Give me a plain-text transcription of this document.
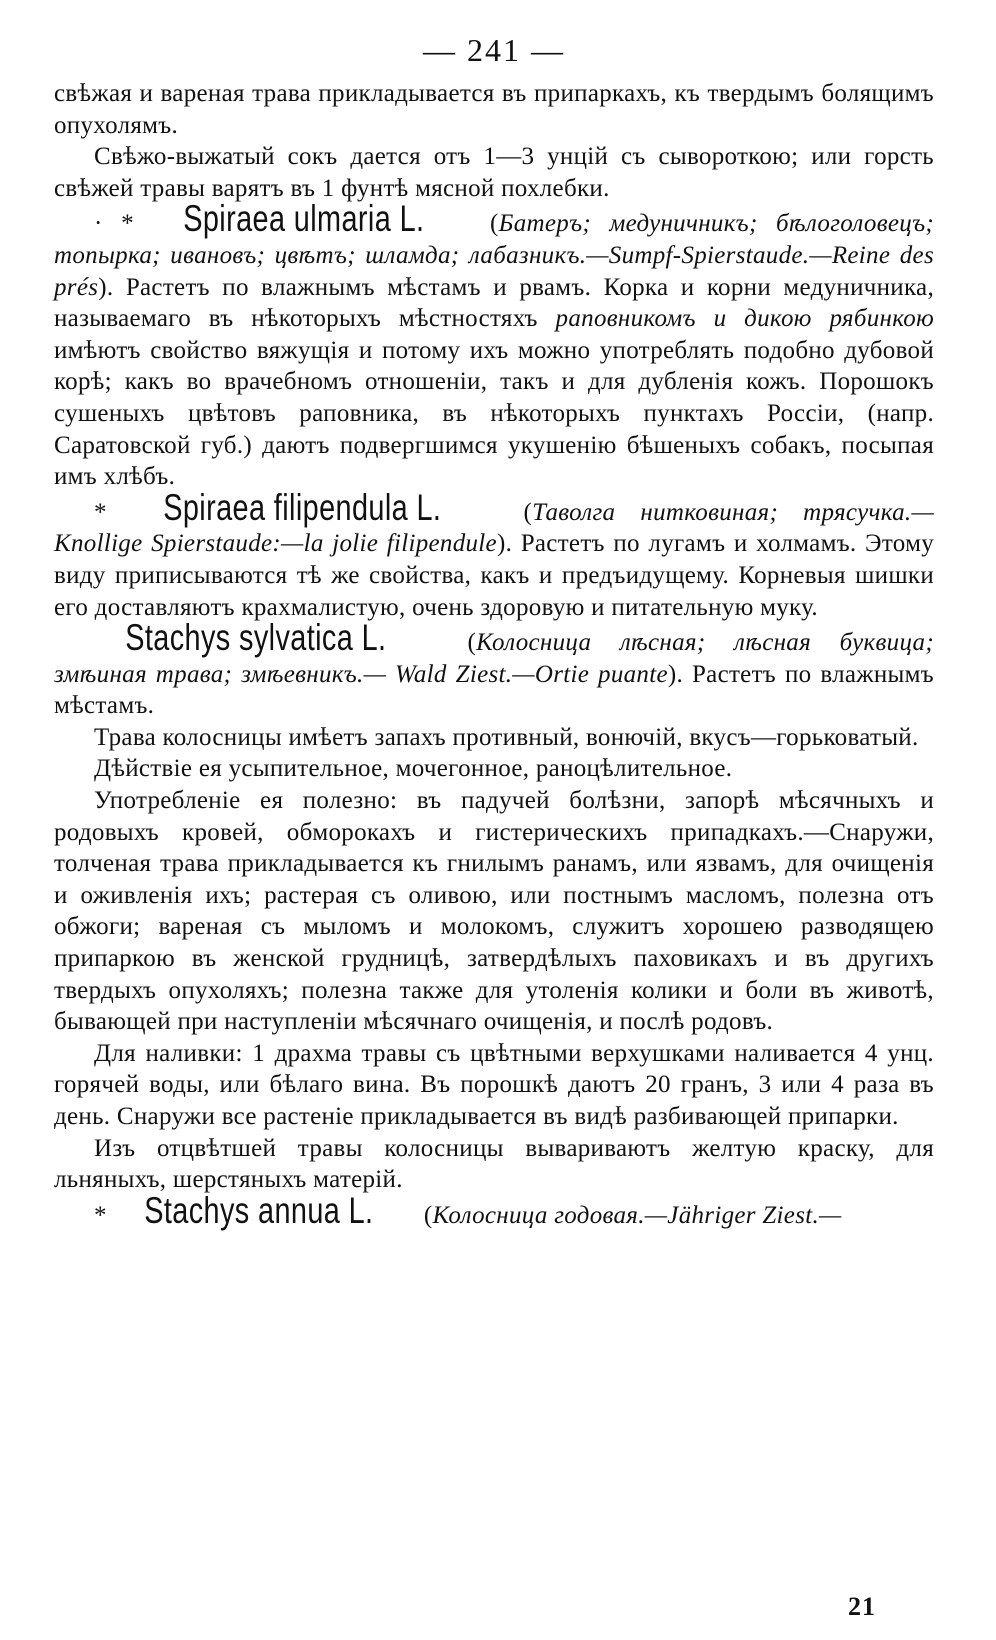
— 241 —

свѣжая и вареная трава прикладывается въ припаркахъ, къ твердымъ болящимъ опухолямъ.

Свѣжо-выжатый сокъ дается отъ 1—3 унцій съ сывороткою; или горсть свѣжей травы варятъ въ 1 фунтѣ мясной похлебки.

· * Spiraea ulmaria L. (Батеръ; медуничникъ; бѣлоголовецъ; топырка; ивановъ; цвѣтъ; шламда; лабазникъ.—Sumpf-Spierstaude.—Reine des prés). Растетъ по влажнымъ мѣстамъ и рвамъ. Корка и корни медуничника, называемаго въ нѣкоторыхъ мѣстностяхъ раповникомъ и дикою рябинкою имѣютъ свойство вяжущія и потому ихъ можно употреблять подобно дубовой корѣ; какъ во врачебномъ отношеніи, такъ и для дубленія кожъ. Порошокъ сушеныхъ цвѣтовъ раповника, въ нѣкоторыхъ пунктахъ Россіи, (напр. Саратовской губ.) даютъ подвергшимся укушенію бѣшеныхъ собакъ, посыпая имъ хлѣбъ.

* Spiraea filipendula L. (Таволга нитковиная; трясучка.—Knollige Spierstaude:—la jolie filipendule). Растетъ по лугамъ и холмамъ. Этому виду приписываются тѣ же свойства, какъ и предъидущему. Корневыя шишки его доставляютъ крахмалистую, очень здоровую и питательную муку.

Stachys sylvatica L. (Колосница лѣсная; лѣсная буквица; змѣиная трава; змѣевникъ.— Wald Ziest.—Ortie puante). Растетъ по влажнымъ мѣстамъ.

Трава колосницы имѣетъ запахъ противный, вонючій, вкусъ—горьковатый.

Дѣйствіе ея усыпительное, мочегонное, раноцѣлительное.

Употребленіе ея полезно: въ падучей болѣзни, запорѣ мѣсячныхъ и родовыхъ кровей, обморокахъ и гистерическихъ припадкахъ.—Снаружи, толченая трава прикладывается къ гнилымъ ранамъ, или язвамъ, для очищенія и оживленія ихъ; растерая съ оливою, или постнымъ масломъ, полезна отъ обжоги; вареная съ мыломъ и молокомъ, служитъ хорошею разводящею припаркою въ женской грудницѣ, затвердѣлыхъ паховикахъ и въ другихъ твердыхъ опухоляхъ; полезна также для утоленія колики и боли въ животѣ, бывающей при наступленіи мѣсячнаго очищенія, и послѣ родовъ.

Для наливки: 1 драхма травы съ цвѣтными верхушками наливается 4 унц. горячей воды, или бѣлаго вина. Въ порошкѣ даютъ 20 гранъ, 3 или 4 раза въ день. Снаружи все растеніе прикладывается въ видѣ разбивающей припарки.

Изъ отцвѣтшей травы колосницы вывариваютъ желтую краску, для льняныхъ, шерстяныхъ матерій.

* Stachys annua L. (Колосница годовая.—Jähriger Ziest.—

21
